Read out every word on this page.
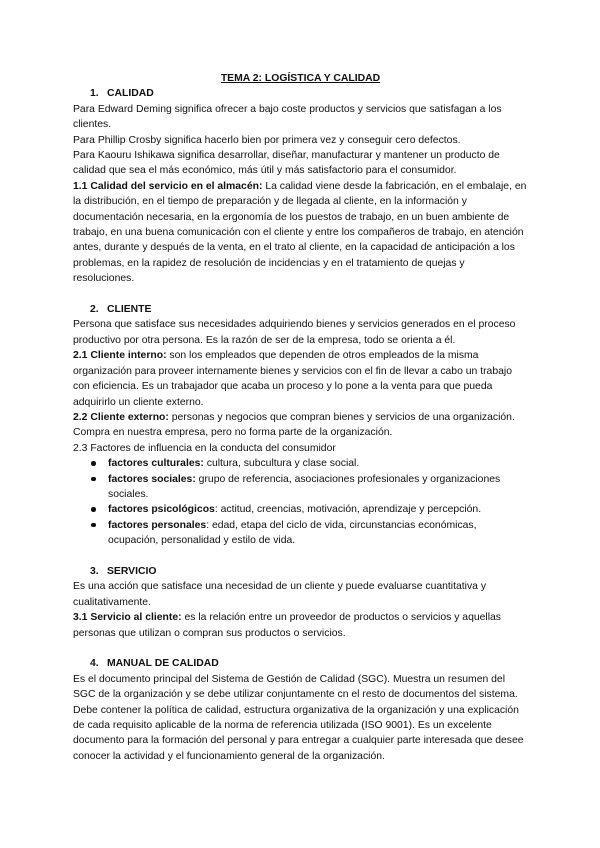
TEMA 2: LOGÍSTICA Y CALIDAD

1. CALIDAD

Para Edward Deming significa ofrecer a bajo coste productos y servicios que satisfagan a los clientes.

Para Phillip Crosby significa hacerlo bien por primera vez y conseguir cero defectos.

Para Kaouru Ishikawa significa desarrollar, diseñar, manufacturar y mantener un producto de calidad que sea el más económico, más útil y más satisfactorio para el consumidor.

1.1 Calidad del servicio en el almacén: La calidad viene desde la fabricación, en el embalaje, en la distribución, en el tiempo de preparación y de llegada al cliente, en la información y documentación necesaria, en la ergonomía de los puestos de trabajo, en un buen ambiente de trabajo, en una buena comunicación con el cliente y entre los compañeros de trabajo, en atención antes, durante y después de la venta, en el trato al cliente, en la capacidad de anticipación a los problemas, en la rapidez de resolución de incidencias y en el tratamiento de quejas y resoluciones.

2. CLIENTE

Persona que satisface sus necesidades adquiriendo bienes y servicios generados en el proceso productivo por otra persona. Es la razón de ser de la empresa, todo se orienta a él.

2.1 Cliente interno: son los empleados que dependen de otros empleados de la misma organización para proveer internamente bienes y servicios con el fin de llevar a cabo un trabajo con eficiencia. Es un trabajador que acaba un proceso y lo pone a la venta para que pueda adquirirlo un cliente externo.

2.2 Cliente externo: personas y negocios que compran bienes y servicios de una organización. Compra en nuestra empresa, pero no forma parte de la organización.

2.3 Factores de influencia en la conducta del consumidor

factores culturales: cultura, subcultura y clase social.
factores sociales: grupo de referencia, asociaciones profesionales y organizaciones sociales.
factores psicológicos: actitud, creencias, motivación, aprendizaje y percepción.
factores personales: edad, etapa del ciclo de vida, circunstancias económicas, ocupación, personalidad y estilo de vida.

3. SERVICIO

Es una acción que satisface una necesidad de un cliente y puede evaluarse cuantitativa y cualitativamente.

3.1 Servicio al cliente: es la relación entre un proveedor de productos o servicios y aquellas personas que utilizan o compran sus productos o servicios.

4. MANUAL DE CALIDAD

Es el documento principal del Sistema de Gestión de Calidad (SGC). Muestra un resumen del SGC de la organización y se debe utilizar conjuntamente cn el resto de documentos del sistema. Debe contener la política de calidad, estructura organizativa de la organización y una explicación de cada requisito aplicable de la norma de referencia utilizada (ISO 9001). Es un excelente documento para la formación del personal y para entregar a cualquier parte interesada que desee conocer la actividad y el funcionamiento general de la organización.
